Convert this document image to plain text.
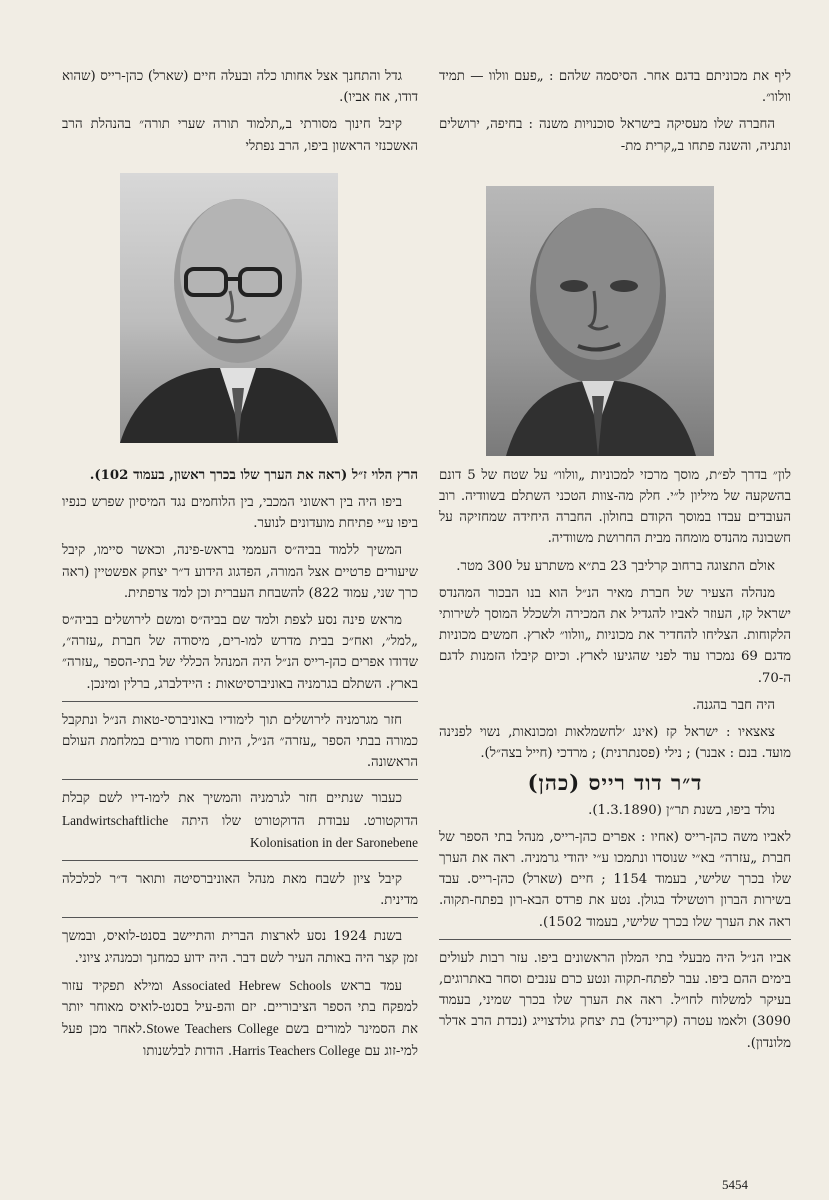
ליף את מכוניתם בדגם אחר. הסיסמה שלהם : „פעם וולוו — תמיד וולוו״.

החברה שלו מעסיקה בישראל סוכנויות משנה : בחיפה, ירושלים ונתניה, והשנה פתחו ב„קרית מת-

לון״ בדרך לפ״ת, מוסך מרכזי למכוניות „וולוו״ על שטח של 5 דונם בהשקעה של מיליון ל״י. חלק מה-צוות הטכני השתלם בשוודיה. רוב העובדים עבדו במוסך הקודם בחולון. החברה היחידה שמחזיקה על חשבונה מהנדס מומחה מבית החרושת משוודיה.

אולם התצוגה ברחוב קרליבך 23 בת״א משתרע על 300 מטר.

מנהלה הצעיר של חברת מאיר הנ״ל הוא בנו הבכור המהנדס ישראל קז, העוזר לאביו להגדיל את המכירה ולשכלל המוסך לשירותי הלקוחות. הצליחו להחדיר את מכוניות „וולוו״ לארץ. חמשים מכוניות מדגם 69 נמכרו עוד לפני שהגיעו לארץ. וכיום קיבלו הזמנות לדגם ה-70.

היה חבר בהגנה.

צאצאיו : ישראל קז (אינג ׳לחשמלאות ומכונאות, נשוי לפנינה מועד. בנם : אבנר) ; נילי (פסנתרנית) ; מרדכי (חייל בצה״ל).

ד״ר דוד רייס (כהן)

נולד ביפו, בשנת תר״ן (1.3.1890).

לאביו משה כהן-רייס (אחיו : אפרים כהן-רייס, מנהל בתי הספר של חברת „עזרה״ בא״י שנוסדו ונתמכו ע״י יהודי גרמניה. ראה את הערך שלו בכרך שלישי, בעמוד 1154 ; חיים (שארל) כהן-רייס. עבד בשירות הברון רוטשילד בגולן. נטע את פרדס הבא-רון בפתח-תקוה. ראה את הערך שלו בכרך שלישי, בעמוד 1502).

אביו הנ״ל היה מבעלי בתי המלון הראשונים ביפו. עזר רבות לעולים בימים ההם ביפו. עבר לפתח-תקוה ונטע כרם ענבים וסחר באתרוגים, בעיקר למשלוח לחו״ל. ראה את הערך שלו בכרך שמיני, בעמוד 3090) ולאמו עטרה (קריינדל) בת יצחק גולדצוייג (נכדת הרב אדלר מלונדון).

גדל והתחנך אצל אחותו כלה ובעלה חיים (שארל) כהן-רייס (שהוא דודו, אח אביו).

קיבל חינוך מסורתי ב„תלמוד תורה שערי תורה״ בהנהלת הרב האשכנזי הראשון ביפו, הרב נפתלי

הרץ הלוי ז״ל (ראה את הערך שלו בכרך ראשון, בעמוד 102).

ביפו היה בין ראשוני המכבי, בין הלוחמים נגד המיסיון שפרש כנפיו ביפו ע״י פתיחת מועדונים לנוער.

המשיך ללמוד בביה״ס העממי בראש-פינה, וכאשר סיימו, קיבל שיעורים פרטיים אצל המורה, הפדגוג הידוע ד״ר יצחק אפשטיין (ראה כרך שני, עמוד 822) להשבחת העברית וכן למד צרפתית.

מראש פינה נסע לצפת ולמד שם בביה״ס ומשם לירושלים בביה״ס „למל״, ואח״כ בבית מדרש למו-רים, מיסודה של חברת „עזרה״, שדודו אפרים כהן-רייס הנ״ל היה המנהל הכללי של בתי-הספר „עזרה״ בארץ. השתלם בגרמניה באוניברסיטאות : היידלברג, ברלין ומינכן.

חזר מגרמניה לירושלים תוך לימודיו באוניברסי-טאות הנ״ל ונתקבל כמורה בבתי הספר „עזרה״ הנ״ל, היות וחסרו מורים במלחמת העולם הראשונה.

כעבור שנתיים חזר לגרמניה והמשיך את לימו-דיו לשם קבלת הדוקטורט. עבודת הדוקטורט שלו היתה Landwirtschaftliche Kolonisation in der Saronebene

קיבל ציון לשבח מאת מנהל האוניברסיטה ותואר ד״ר לכלכלה מדינית.

בשנת 1924 נסע לארצות הברית והתיישב בסנט-לואיס, ובמשך זמן קצר היה באותה העיר לשם דבר. היה ידוע כמחנך וכמנהיג ציוני.

עמד בראש Associated Hebrew Schools ומילא תפקיד עזור למפקח בתי הספר הציבוריים. יזם והפ-עיל בסנט-לואיס מאוחר יותר את הסמינר למורים בשם Stowe Teachers College.לאחר מכן פעל למי-זוג עם Harris Teachers College. הודות לבלשנותו

5454
